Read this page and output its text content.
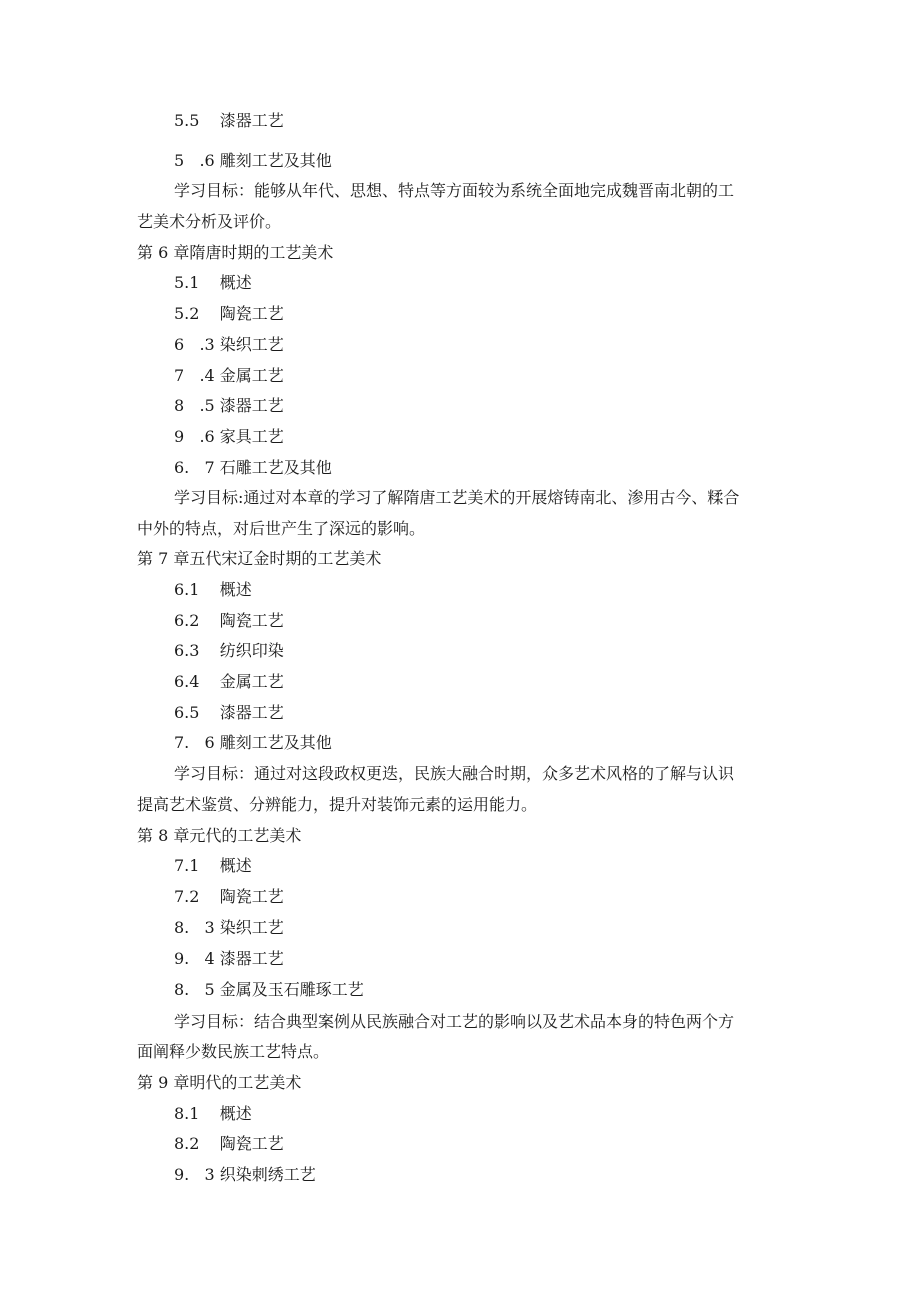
5.5    漆器工艺
5   .6 雕刻工艺及其他
学习目标：能够从年代、思想、特点等方面较为系统全面地完成魏晋南北朝的工
艺美术分析及评价。
第 6 章隋唐时期的工艺美术
5.1    概述
5.2    陶瓷工艺
6   .3 染织工艺
7   .4 金属工艺
8   .5 漆器工艺
9   .6 家具工艺
6.   7 石雕工艺及其他
学习目标:通过对本章的学习了解隋唐工艺美术的开展熔铸南北、渗用古今、糅合
中外的特点，对后世产生了深远的影响。
第 7 章五代宋辽金时期的工艺美术
6.1    概述
6.2    陶瓷工艺
6.3    纺织印染
6.4    金属工艺
6.5    漆器工艺
7.   6 雕刻工艺及其他
学习目标：通过对这段政权更迭，民族大融合时期，众多艺术风格的了解与认识
提高艺术鉴赏、分辨能力，提升对装饰元素的运用能力。
第 8 章元代的工艺美术
7.1    概述
7.2    陶瓷工艺
8.   3 染织工艺
9.   4 漆器工艺
8.   5 金属及玉石雕琢工艺
学习目标：结合典型案例从民族融合对工艺的影响以及艺术品本身的特色两个方
面阐释少数民族工艺特点。
第 9 章明代的工艺美术
8.1    概述
8.2    陶瓷工艺
9.   3 织染刺绣工艺
